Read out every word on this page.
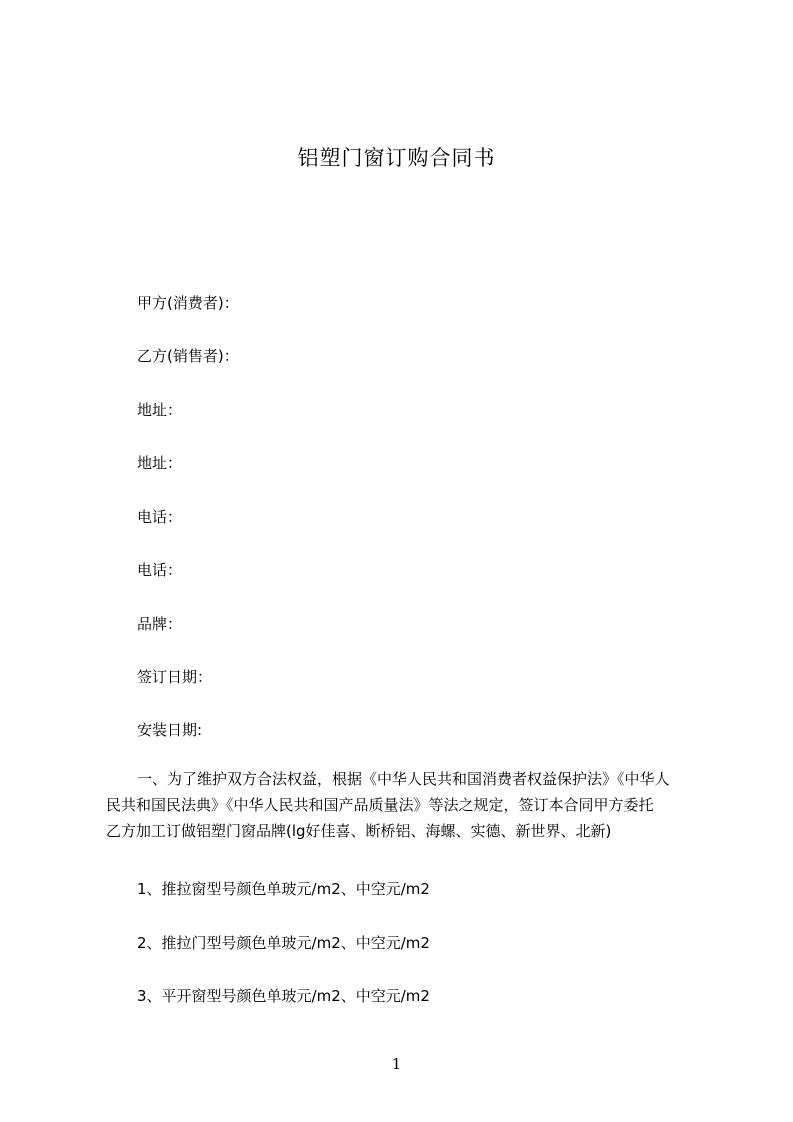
铝塑门窗订购合同书
甲方(消费者)：
乙方(销售者)：
地址：
地址：
电话：
电话：
品牌：
签订日期：
安装日期:
一、为了维护双方合法权益，根据《中华人民共和国消费者权益保护法》《中华人
民共和国民法典》《中华人民共和国产品质量法》等法之规定，签订本合同甲方委托
乙方加工订做铝塑门窗品牌(lg好佳喜、断桥铝、海螺、实德、新世界、北新)
1、推拉窗型号颜色单玻元/m2、中空元/m2
2、推拉门型号颜色单玻元/m2、中空元/m2
3、平开窗型号颜色单玻元/m2、中空元/m2
1
